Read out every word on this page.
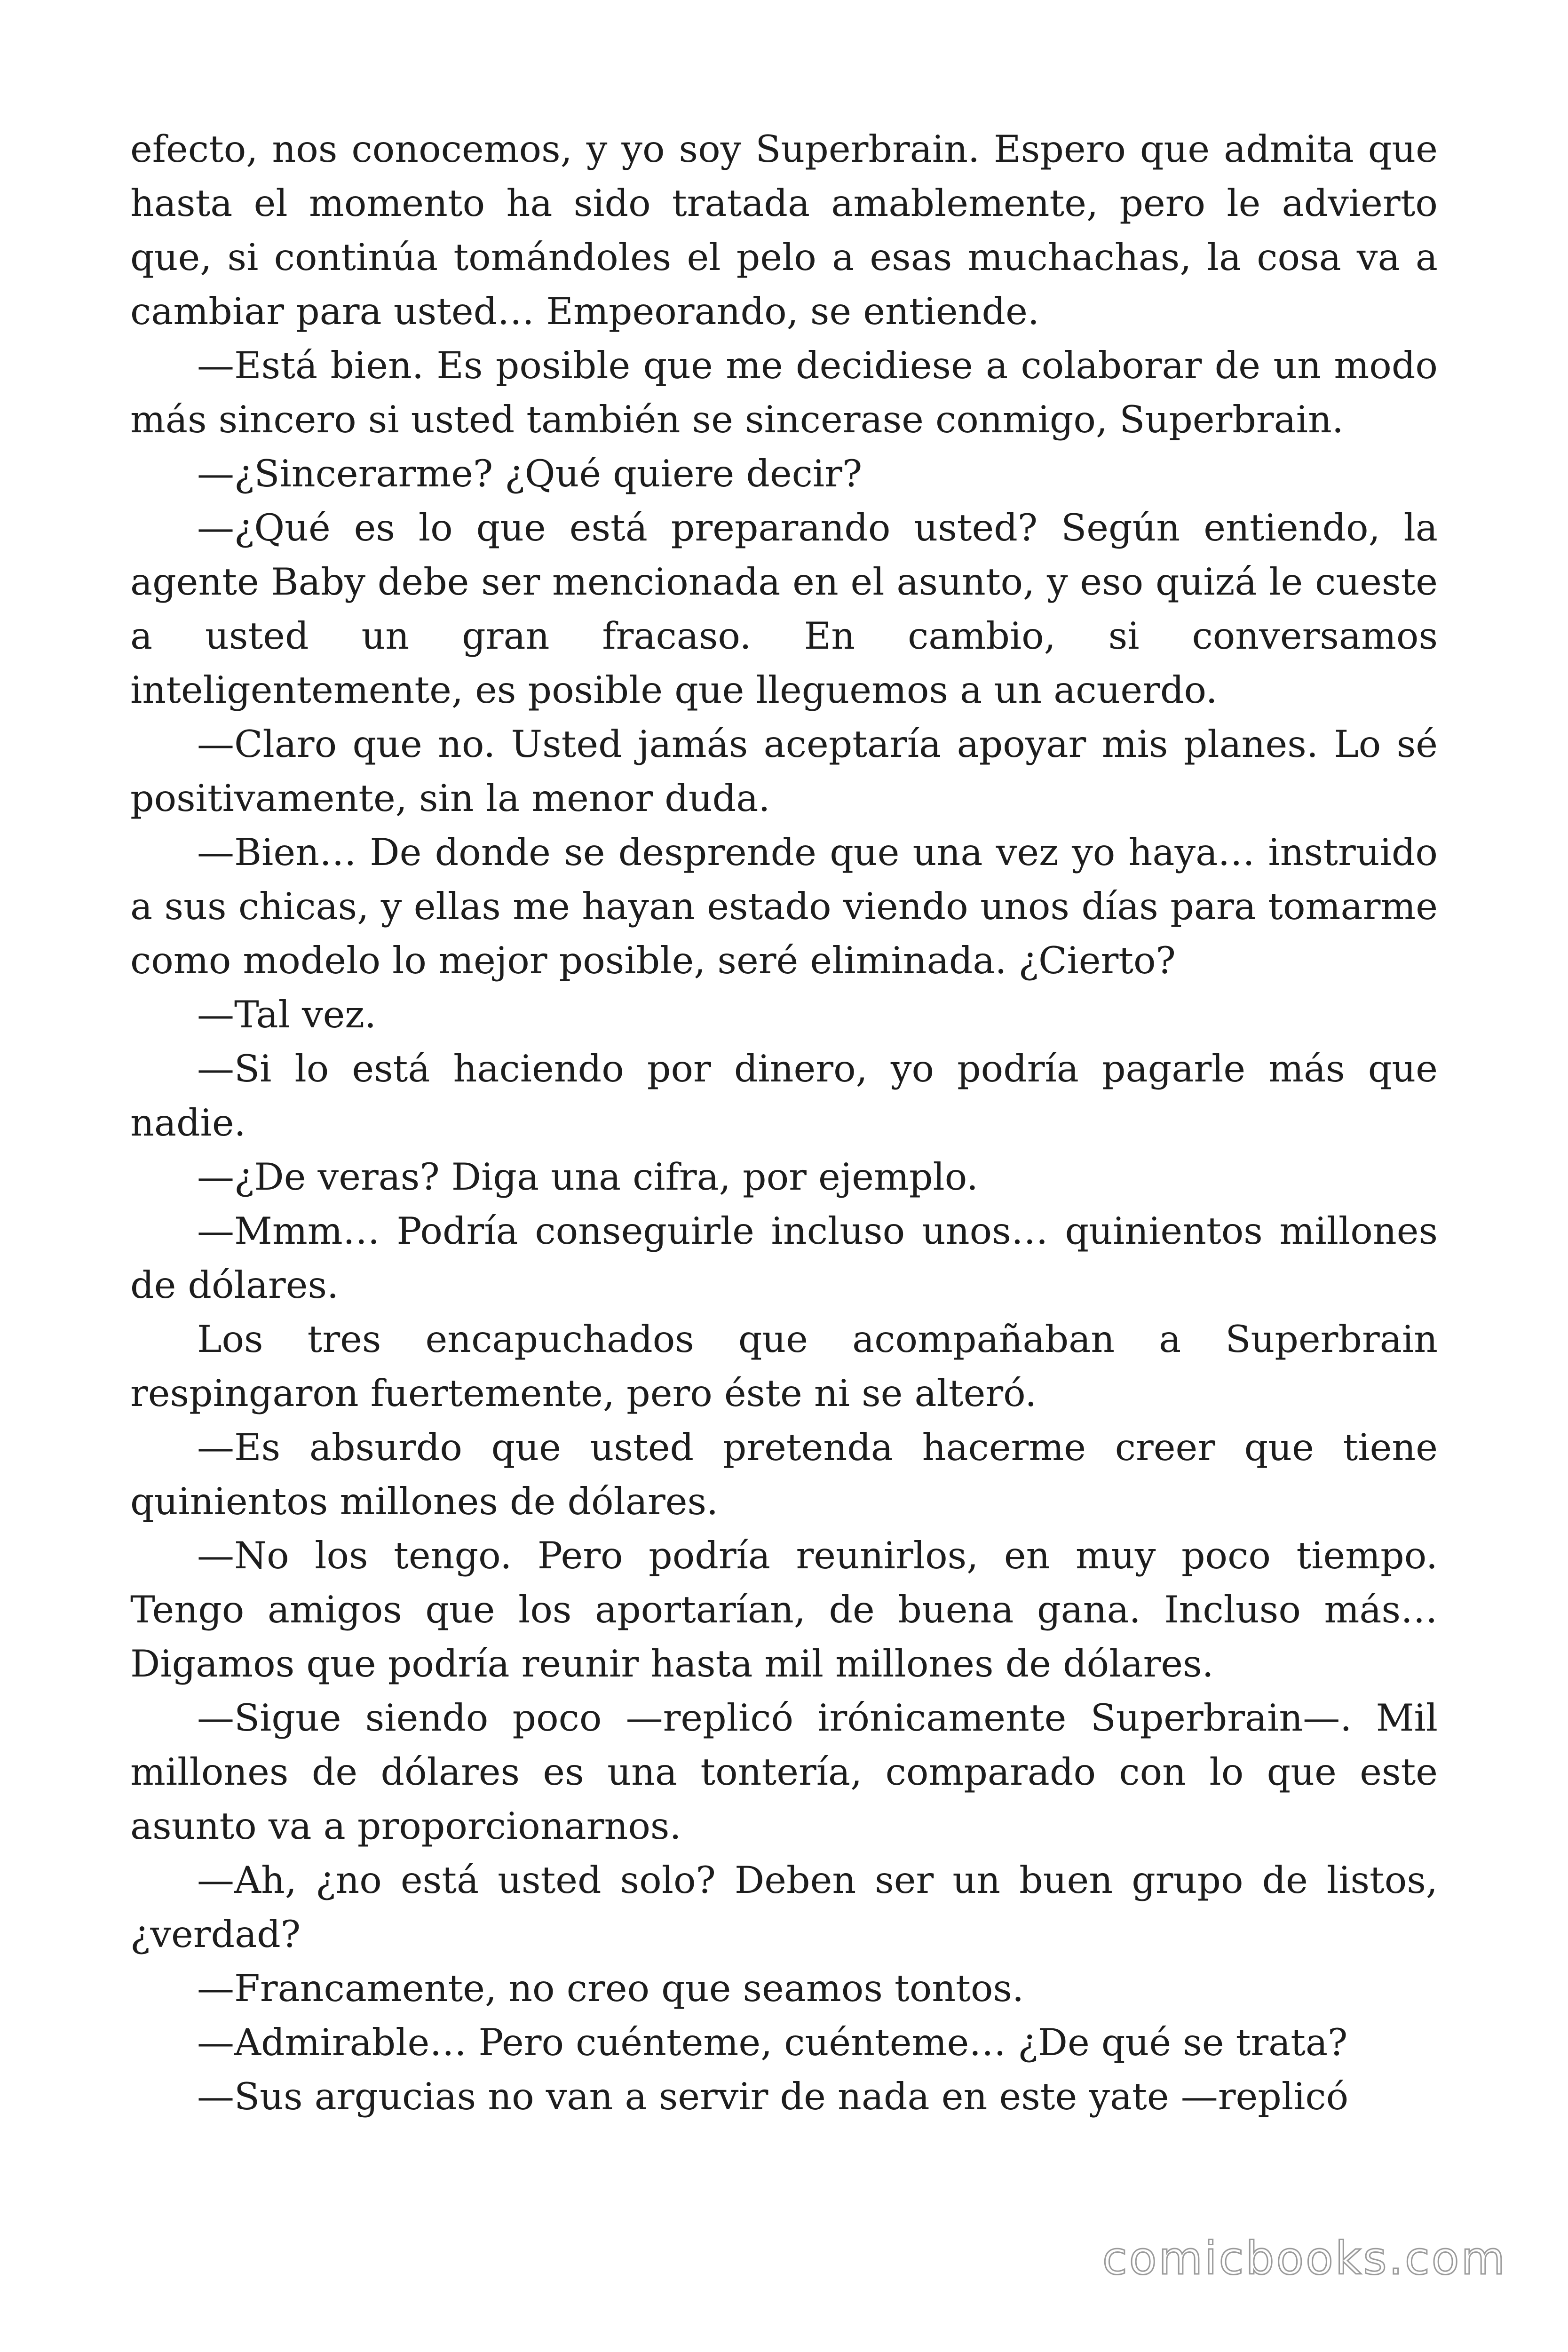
efecto, nos conocemos, y yo soy Superbrain. Espero que admita que hasta el momento ha sido tratada amablemente, pero le advierto que, si continúa tomándoles el pelo a esas muchachas, la cosa va a cambiar para usted… Empeorando, se entiende.

—Está bien. Es posible que me decidiese a colaborar de un modo más sincero si usted también se sincerase conmigo, Superbrain.

—¿Sincerarme? ¿Qué quiere decir?

—¿Qué es lo que está preparando usted? Según entiendo, la agente Baby debe ser mencionada en el asunto, y eso quizá le cueste a usted un gran fracaso. En cambio, si conversamos inteligentemente, es posible que lleguemos a un acuerdo.

—Claro que no. Usted jamás aceptaría apoyar mis planes. Lo sé positivamente, sin la menor duda.

—Bien… De donde se desprende que una vez yo haya… instruido a sus chicas, y ellas me hayan estado viendo unos días para tomarme como modelo lo mejor posible, seré eliminada. ¿Cierto?

—Tal vez.

—Si lo está haciendo por dinero, yo podría pagarle más que nadie.

—¿De veras? Diga una cifra, por ejemplo.

—Mmm… Podría conseguirle incluso unos… quinientos millones de dólares.

Los tres encapuchados que acompañaban a Superbrain respingaron fuertemente, pero éste ni se alteró.

—Es absurdo que usted pretenda hacerme creer que tiene quinientos millones de dólares.

—No los tengo. Pero podría reunirlos, en muy poco tiempo. Tengo amigos que los aportarían, de buena gana. Incluso más… Digamos que podría reunir hasta mil millones de dólares.

—Sigue siendo poco —replicó irónicamente Superbrain—. Mil millones de dólares es una tontería, comparado con lo que este asunto va a proporcionarnos.

—Ah, ¿no está usted solo? Deben ser un buen grupo de listos, ¿verdad?

—Francamente, no creo que seamos tontos.

—Admirable… Pero cuénteme, cuénteme… ¿De qué se trata?

—Sus argucias no van a servir de nada en este yate —replicó

comicbooks.com
